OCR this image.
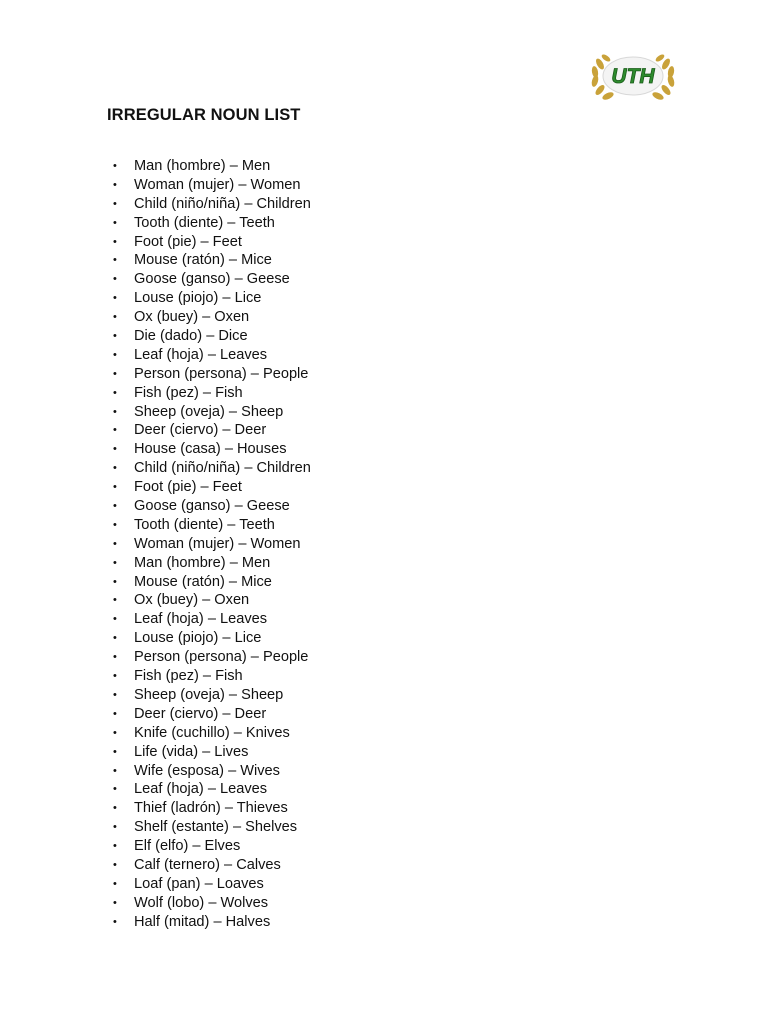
UTH
IRREGULAR NOUN LIST
• Man (hombre) – Men
• Woman (mujer) – Women
• Child (niño/niña) – Children
• Tooth (diente) – Teeth
• Foot (pie) – Feet
• Mouse (ratón) – Mice
• Goose (ganso) – Geese
• Louse (piojo) – Lice
• Ox (buey) – Oxen
• Die (dado) – Dice
• Leaf (hoja) – Leaves
• Person (persona) – People
• Fish (pez) – Fish
• Sheep (oveja) – Sheep
• Deer (ciervo) – Deer
• House (casa) – Houses
• Child (niño/niña) – Children
• Foot (pie) – Feet
• Goose (ganso) – Geese
• Tooth (diente) – Teeth
• Woman (mujer) – Women
• Man (hombre) – Men
• Mouse (ratón) – Mice
• Ox (buey) – Oxen
• Leaf (hoja) – Leaves
• Louse (piojo) – Lice
• Person (persona) – People
• Fish (pez) – Fish
• Sheep (oveja) – Sheep
• Deer (ciervo) – Deer
• Knife (cuchillo) – Knives
• Life (vida) – Lives
• Wife (esposa) – Wives
• Leaf (hoja) – Leaves
• Thief (ladrón) – Thieves
• Shelf (estante) – Shelves
• Elf (elfo) – Elves
• Calf (ternero) – Calves
• Loaf (pan) – Loaves
• Wolf (lobo) – Wolves
• Half (mitad) – Halves
